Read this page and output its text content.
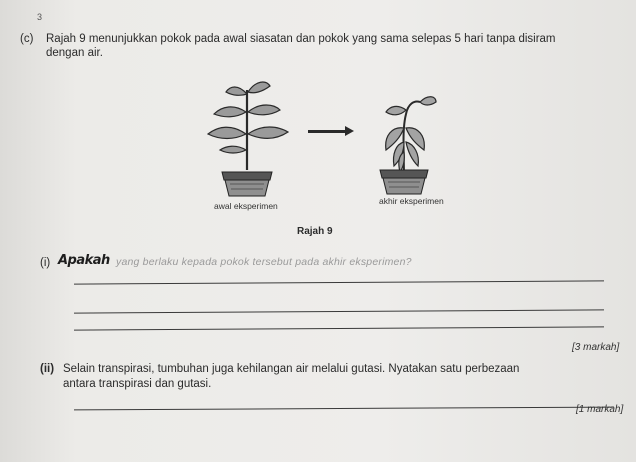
3
(c) Rajah 9 menunjukkan pokok pada awal siasatan dan pokok yang sama selepas 5 hari tanpa disiram
dengan air.
awal eksperimen	akhir eksperimen
Rajah 9
(i) Apakah yang berlaku kepada pokok tersebut pada akhir eksperimen?
[3 markah]
(ii) Selain transpirasi, tumbuhan juga kehilangan air melalui gutasi. Nyatakan satu perbezaan
antara transpirasi dan gutasi.
[1 markah]
